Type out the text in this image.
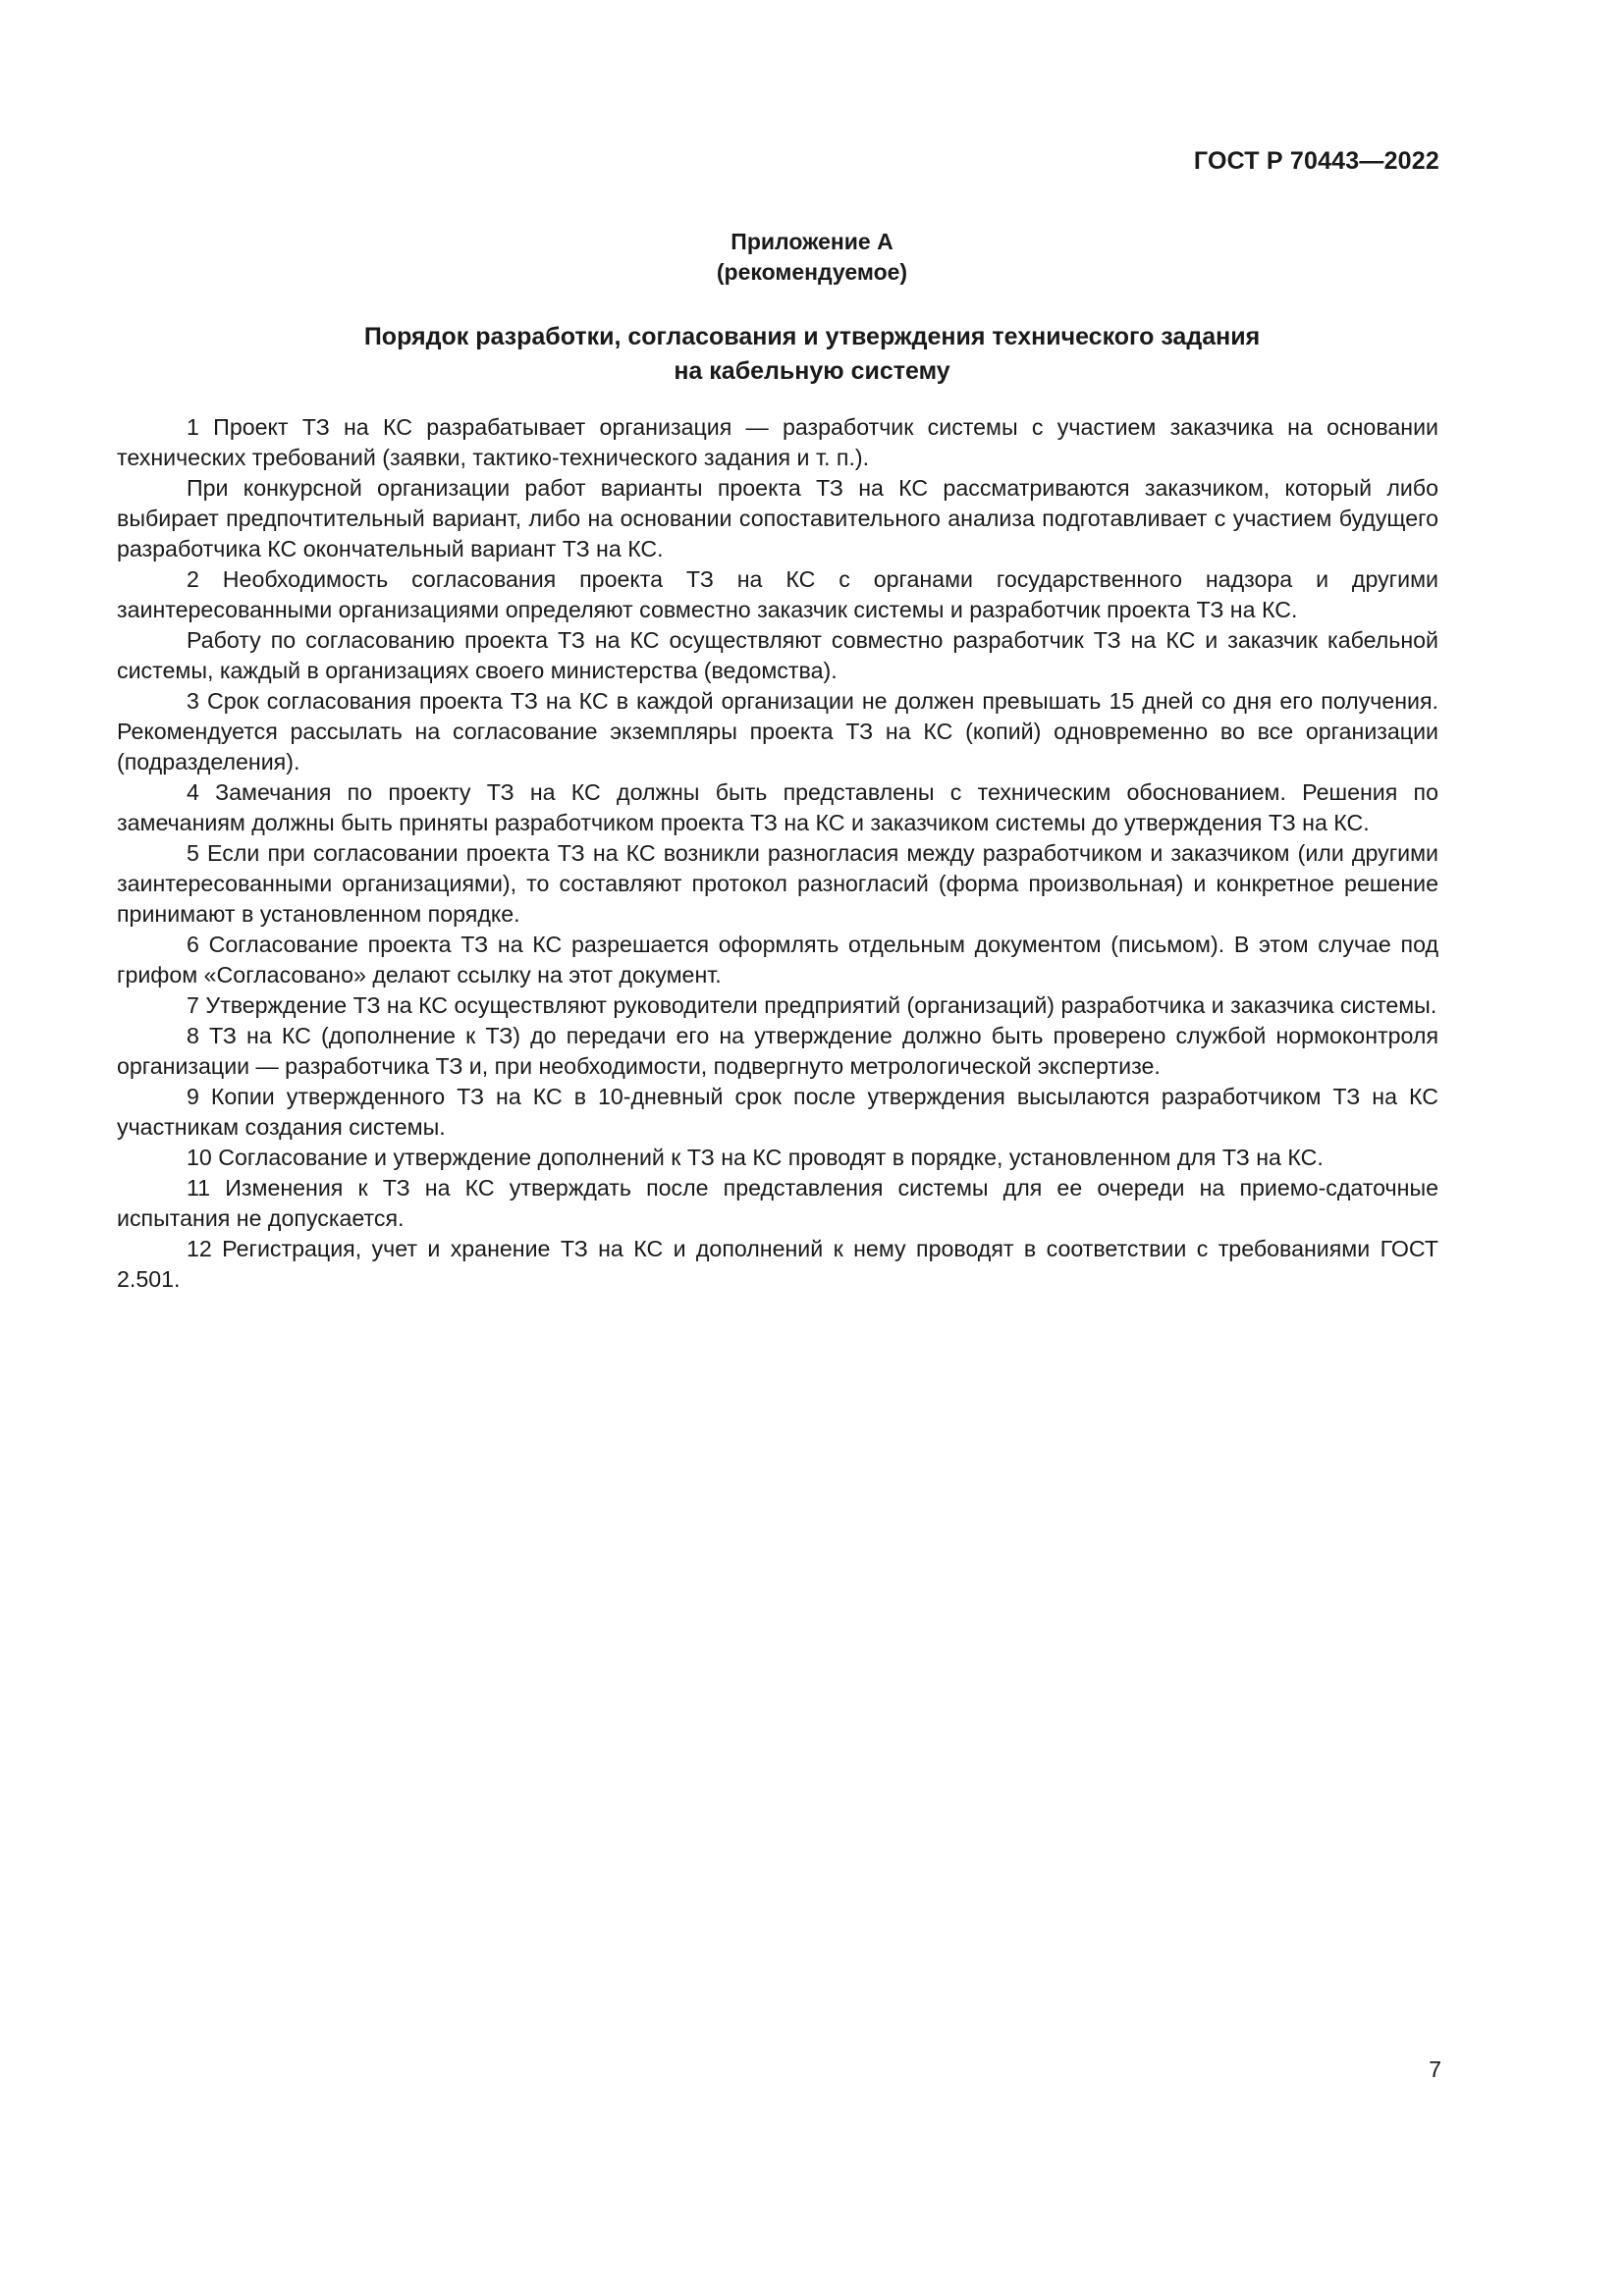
ГОСТ Р 70443—2022
Приложение А
(рекомендуемое)
Порядок разработки, согласования и утверждения технического задания
на кабельную систему

1 Проект ТЗ на КС разрабатывает организация — разработчик системы с участием заказчика на основании технических требований (заявки, тактико-технического задания и т. п.).

При конкурсной организации работ варианты проекта ТЗ на КС рассматриваются заказчиком, который либо выбирает предпочтительный вариант, либо на основании сопоставительного анализа подготавливает с участием будущего разработчика КС окончательный вариант ТЗ на КС.

2 Необходимость согласования проекта ТЗ на КС с органами государственного надзора и другими заинтересованными организациями определяют совместно заказчик системы и разработчик проекта ТЗ на КС.

Работу по согласованию проекта ТЗ на КС осуществляют совместно разработчик ТЗ на КС и заказчик кабельной системы, каждый в организациях своего министерства (ведомства).

3 Срок согласования проекта ТЗ на КС в каждой организации не должен превышать 15 дней со дня его получения. Рекомендуется рассылать на согласование экземпляры проекта ТЗ на КС (копий) одновременно во все организации (подразделения).

4 Замечания по проекту ТЗ на КС должны быть представлены с техническим обоснованием. Решения по замечаниям должны быть приняты разработчиком проекта ТЗ на КС и заказчиком системы до утверждения ТЗ на КС.

5 Если при согласовании проекта ТЗ на КС возникли разногласия между разработчиком и заказчиком (или другими заинтересованными организациями), то составляют протокол разногласий (форма произвольная) и конкретное решение принимают в установленном порядке.

6 Согласование проекта ТЗ на КС разрешается оформлять отдельным документом (письмом). В этом случае под грифом «Согласовано» делают ссылку на этот документ.

7 Утверждение ТЗ на КС осуществляют руководители предприятий (организаций) разработчика и заказчика системы.

8 ТЗ на КС (дополнение к ТЗ) до передачи его на утверждение должно быть проверено службой нормоконтроля организации — разработчика ТЗ и, при необходимости, подвергнуто метрологической экспертизе.

9 Копии утвержденного ТЗ на КС в 10-дневный срок после утверждения высылаются разработчиком ТЗ на КС участникам создания системы.

10 Согласование и утверждение дополнений к ТЗ на КС проводят в порядке, установленном для ТЗ на КС.

11 Изменения к ТЗ на КС утверждать после представления системы для ее очереди на приемо-сдаточные испытания не допускается.

12 Регистрация, учет и хранение ТЗ на КС и дополнений к нему проводят в соответствии с требованиями ГОСТ 2.501.

7
